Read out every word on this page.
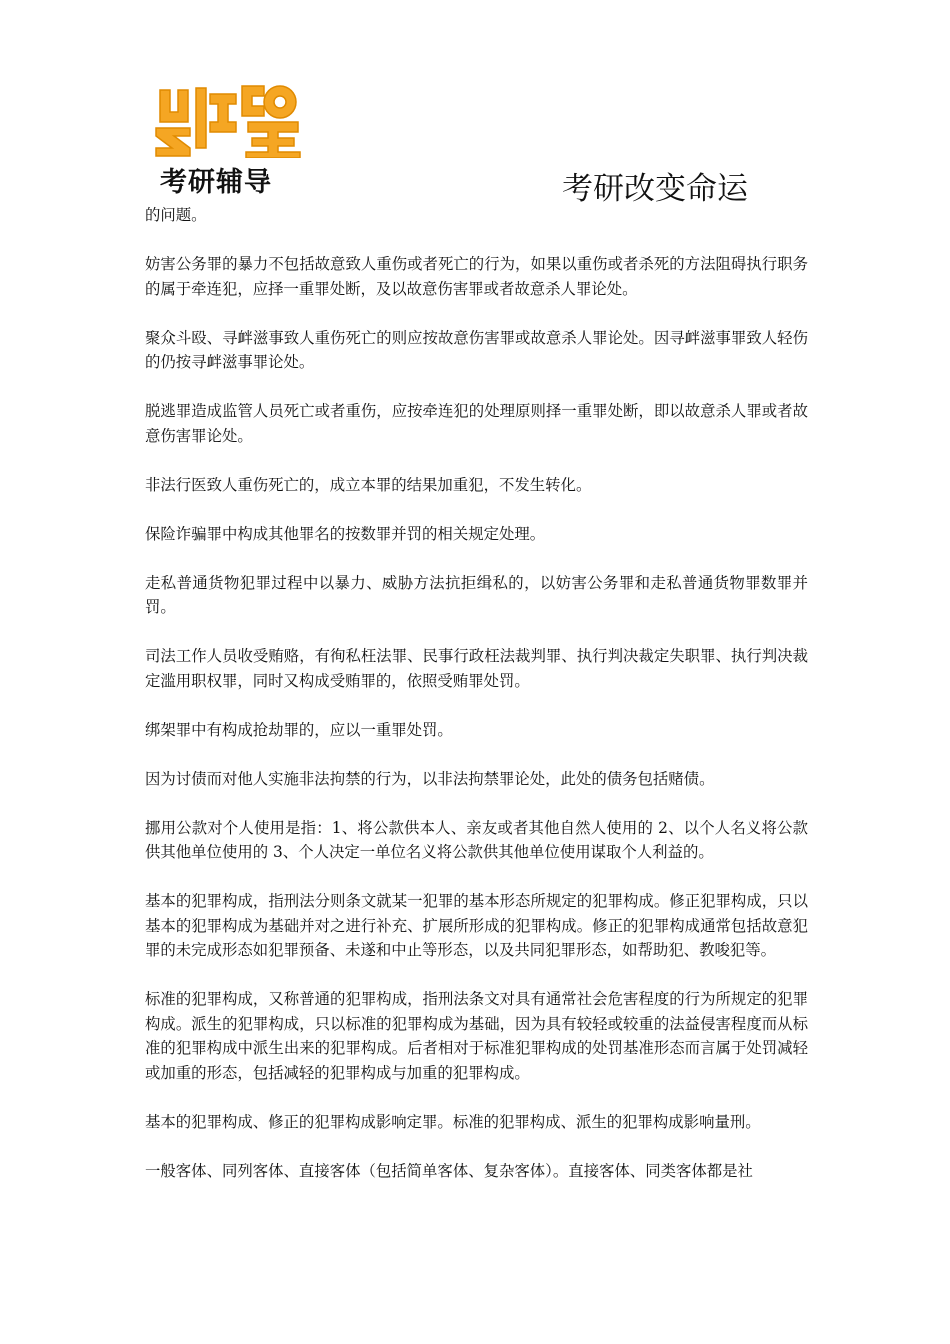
考研辅导	考研改变命运

的问题。

妨害公务罪的暴力不包括故意致人重伤或者死亡的行为，如果以重伤或者杀死的方法阻碍执行职务的属于牵连犯，应择一重罪处断，及以故意伤害罪或者故意杀人罪论处。

聚众斗殴、寻衅滋事致人重伤死亡的则应按故意伤害罪或故意杀人罪论处。因寻衅滋事罪致人轻伤的仍按寻衅滋事罪论处。

脱逃罪造成监管人员死亡或者重伤，应按牵连犯的处理原则择一重罪处断，即以故意杀人罪或者故意伤害罪论处。

非法行医致人重伤死亡的，成立本罪的结果加重犯，不发生转化。

保险诈骗罪中构成其他罪名的按数罪并罚的相关规定处理。

走私普通货物犯罪过程中以暴力、威胁方法抗拒缉私的，以妨害公务罪和走私普通货物罪数罪并罚。

司法工作人员收受贿赂，有徇私枉法罪、民事行政枉法裁判罪、执行判决裁定失职罪、执行判决裁定滥用职权罪，同时又构成受贿罪的，依照受贿罪处罚。

绑架罪中有构成抢劫罪的，应以一重罪处罚。

因为讨债而对他人实施非法拘禁的行为，以非法拘禁罪论处，此处的债务包括赌债。

挪用公款对个人使用是指：1、将公款供本人、亲友或者其他自然人使用的 2、以个人名义将公款供其他单位使用的 3、个人决定一单位名义将公款供其他单位使用谋取个人利益的。

基本的犯罪构成，指刑法分则条文就某一犯罪的基本形态所规定的犯罪构成。修正犯罪构成，只以基本的犯罪构成为基础并对之进行补充、扩展所形成的犯罪构成。修正的犯罪构成通常包括故意犯罪的未完成形态如犯罪预备、未遂和中止等形态，以及共同犯罪形态，如帮助犯、教唆犯等。

标准的犯罪构成，又称普通的犯罪构成，指刑法条文对具有通常社会危害程度的行为所规定的犯罪构成。派生的犯罪构成，只以标准的犯罪构成为基础，因为具有较轻或较重的法益侵害程度而从标准的犯罪构成中派生出来的犯罪构成。后者相对于标准犯罪构成的处罚基准形态而言属于处罚减轻或加重的形态，包括减轻的犯罪构成与加重的犯罪构成。

基本的犯罪构成、修正的犯罪构成影响定罪。标准的犯罪构成、派生的犯罪构成影响量刑。

一般客体、同列客体、直接客体（包括简单客体、复杂客体）。直接客体、同类客体都是社
